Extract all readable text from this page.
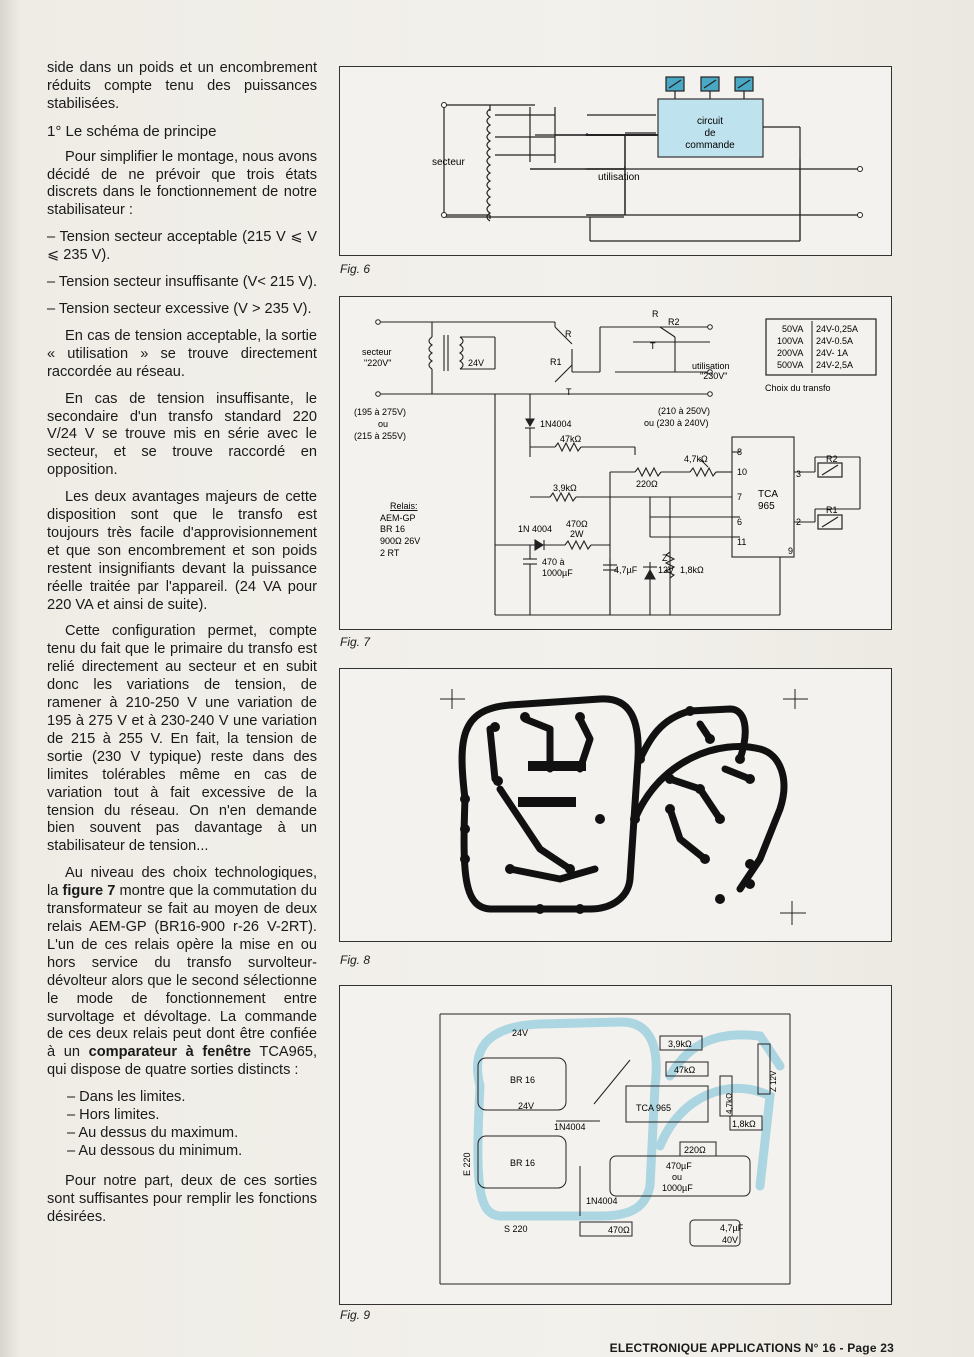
side dans un poids et un encombrement réduits compte tenu des puissances stabilisées.

1° Le schéma de principe

Pour simplifier le montage, nous avons décidé de ne prévoir que trois états discrets dans le fonctionnement de notre stabilisateur :

– Tension secteur acceptable (215 V ⩽ V ⩽ 235 V).

– Tension secteur insuffisante (V< 215 V).

– Tension secteur excessive (V > 235 V).

En cas de tension acceptable, la sortie « utilisation » se trouve directement raccordée au réseau.

En cas de tension insuffisante, le secondaire d'un transfo standard 220 V/24 V se trouve mis en série avec le secteur, et se trouve raccordé en opposition.

Les deux avantages majeurs de cette disposition sont que le transfo est toujours très facile d'approvisionnement et que son encombrement et son poids restent insignifiants devant la puissance réelle traitée par l'appareil. (24 VA pour 220 VA et ainsi de suite).

Cette configuration permet, compte tenu du fait que le primaire du transfo est relié directement au secteur et en subit donc les variations de tension, de ramener à 210-250 V une variation de 195 à 275 V et à 230-240 V une variation de 215 à 255 V. En fait, la tension de sortie (230 V typique) reste dans des limites tolérables même en cas de variation tout à fait excessive de la tension du réseau. On n'en demande bien souvent pas davantage à un stabilisateur de tension...

Au niveau des choix technologiques, la figure 7 montre que la commutation du transformateur se fait au moyen de deux relais AEM-GP (BR16-900 r-26 V-2RT). L'un de ces relais opère la mise en ou hors service du transfo survolteur-dévolteur alors que le second sélectionne le mode de fonctionnement entre survoltage et dévoltage. La commande de ces deux relais peut dont être confiée à un comparateur à fenêtre TCA965, qui dispose de quatre sorties distincts :

– Dans les limites.
– Hors limites.
– Au dessus du maximum.
– Au dessous du minimum.

Pour notre part, deux de ces sorties sont suffisantes pour remplir les fonctions désirées.

secteur
utilisation
circuit
de
commande
Fig. 6
secteur
"220V"	24V
R
R
R2
R1
T
T
utilisation
"230V"
(195 à 275V)
ou
(215 à 255V)
(210 à 250V)
ou (230 à 240V)
1N4004
47kΩ
4,7kΩ
220Ω
3,9kΩ
1N 4004 470Ω
2W
470 à
1000µF	4,7µF
Z
12V 1,8kΩ
TCA
965
8
10
7
6
11
9
3
2
R2
R1
Relais:
AEM-GP
BR 16
900Ω 26V
2 RT
50VA 24V-0,25A
100VA 24V-0.5A
200VA 24V- 1A
500VA 24V-2,5A
Choix du transfo
Fig. 7
Fig. 8
24V
BR 16
24V
1N4004
BR 16
E 220
S 220
3,9kΩ
47kΩ
TCA 965	4,7kΩ
Z 12V
1,8kΩ
220Ω
470µF
ou
1000µF
1N4004
470Ω	4,7µF
40V
Fig. 9
ELECTRONIQUE APPLICATIONS N° 16 - Page 23
